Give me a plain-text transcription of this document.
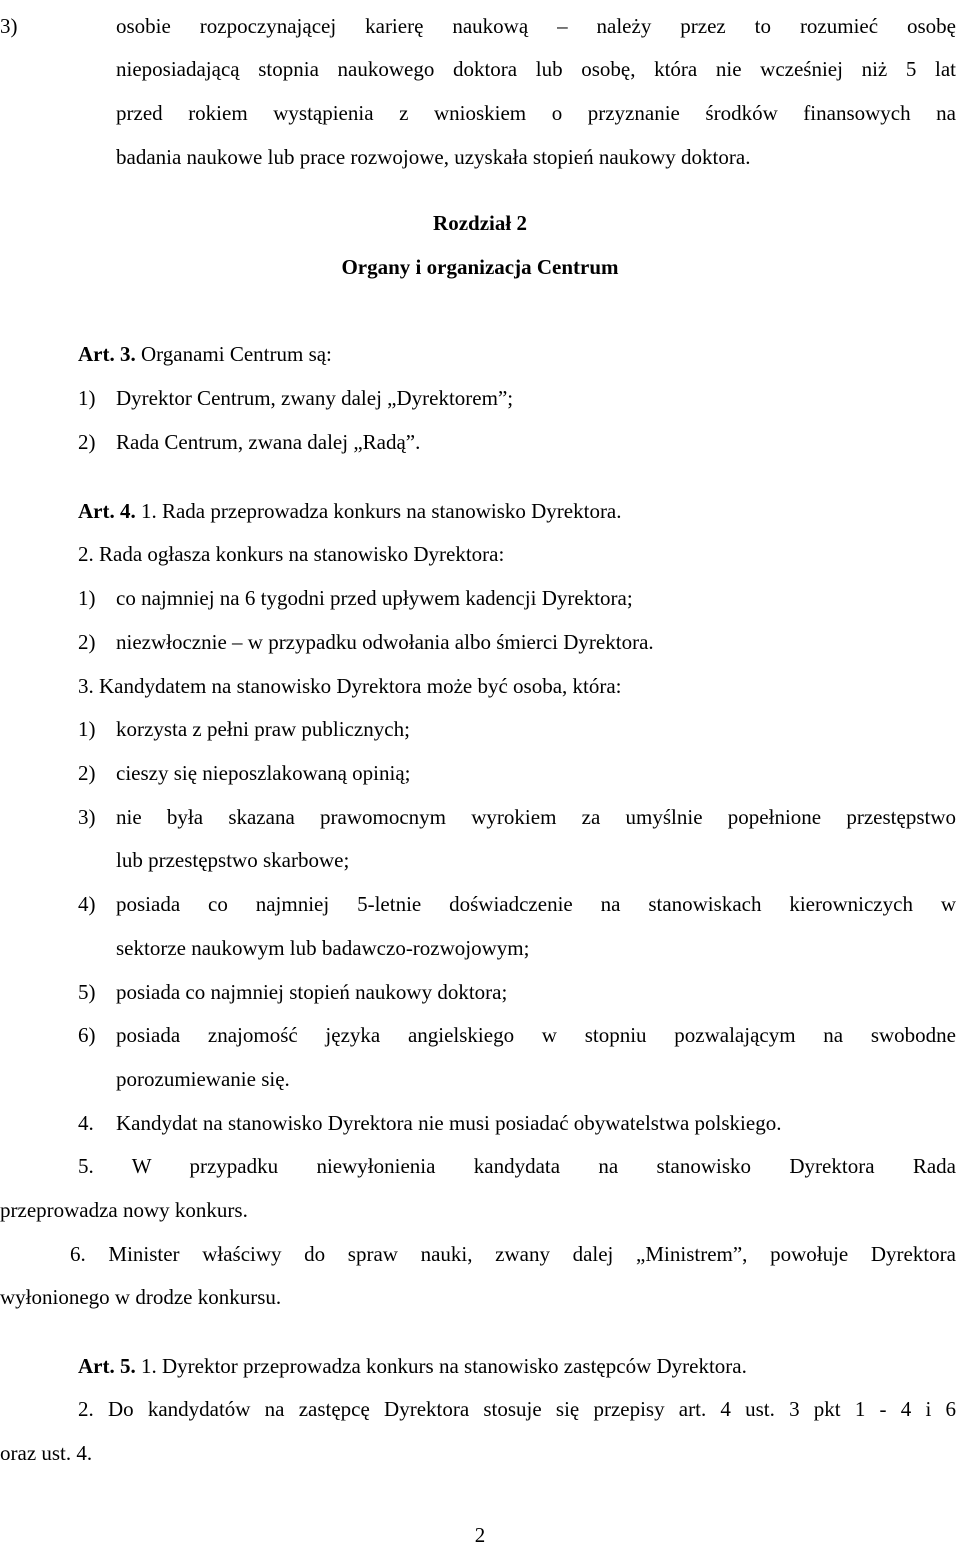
3)	osobie rozpoczynającej karierę naukową – należy przez to rozumieć osobę
nieposiadającą stopnia naukowego doktora lub osobę, która nie wcześniej niż 5 lat
przed rokiem wystąpienia z wnioskiem o przyznanie środków finansowych na
badania naukowe lub prace rozwojowe, uzyskała stopień naukowy doktora.
Rozdział 2
Organy i organizacja Centrum
Art. 3. Organami Centrum są:
1) Dyrektor Centrum, zwany dalej „Dyrektorem”;
2) Rada Centrum, zwana dalej „Radą”.
Art. 4. 1. Rada przeprowadza konkurs na stanowisko Dyrektora.
2. Rada ogłasza konkurs na stanowisko Dyrektora:
1) co najmniej na 6 tygodni przed upływem kadencji Dyrektora;
2) niezwłocznie – w przypadku odwołania albo śmierci Dyrektora.
3. Kandydatem na stanowisko Dyrektora może być osoba, która:
1) korzysta z pełni praw publicznych;
2) cieszy się nieposzlakowaną opinią;
3) nie była skazana prawomocnym wyrokiem za umyślnie popełnione przestępstwo
lub przestępstwo skarbowe;
4) posiada co najmniej 5-letnie doświadczenie na stanowiskach kierowniczych w
sektorze naukowym lub badawczo-rozwojowym;
5) posiada co najmniej stopień naukowy doktora;
6) posiada znajomość języka angielskiego w stopniu pozwalającym na swobodne
porozumiewanie się.
4. Kandydat na stanowisko Dyrektora nie musi posiadać obywatelstwa polskiego.
5. W przypadku niewyłonienia kandydata na stanowisko Dyrektora Rada
przeprowadza nowy konkurs.
6. Minister właściwy do spraw nauki, zwany dalej „Ministrem”, powołuje Dyrektora
wyłonionego w drodze konkursu.
Art. 5. 1. Dyrektor przeprowadza konkurs na stanowisko zastępców Dyrektora.
2. Do kandydatów na zastępcę Dyrektora stosuje się przepisy art. 4 ust. 3 pkt 1 - 4 i 6
oraz ust. 4.
2
